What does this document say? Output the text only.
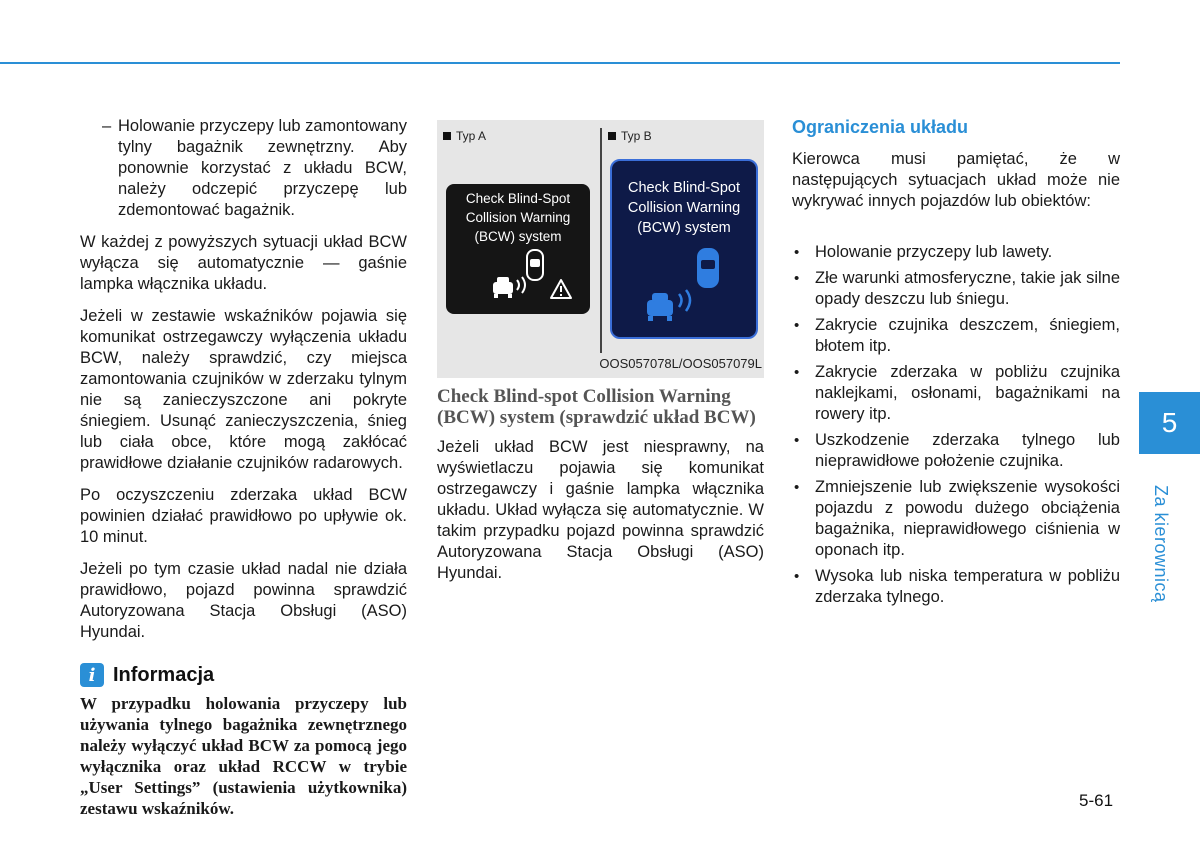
– Holowanie przyczepy lub zamontowany tylny bagażnik zewnętrzny. Aby ponownie korzystać z układu BCW, należy odczepić przyczepę lub zdemontować bagażnik.

W każdej z powyższych sytuacji układ BCW wyłącza się automatycznie — gaśnie lampka włącznika układu.

Jeżeli w zestawie wskaźników pojawia się komunikat ostrzegawczy wyłączenia układu BCW, należy sprawdzić, czy miejsca zamontowania czujników w zderzaku tylnym nie są zanieczyszczone ani pokryte śniegiem. Usunąć zanieczyszczenia, śnieg lub ciała obce, które mogą zakłócać prawidłowe działanie czujników radarowych.

Po oczyszczeniu zderzaka układ BCW powinien działać prawidłowo po upływie ok. 10 minut.

Jeżeli po tym czasie układ nadal nie działa prawidłowo, pojazd powinna sprawdzić Autoryzowana Stacja Obsługi (ASO) Hyundai.

i Informacja

W przypadku holowania przyczepy lub używania tylnego bagażnika zewnętrznego należy wyłączyć układ BCW za pomocą jego wyłącznika oraz układ RCCW w trybie „User Settings” (ustawienia użytkownika) zestawu wskaźników.

Check Blind-Spot
Collision Warning
(BCW) system
Check Blind-Spot
Collision Warning
(BCW) system
Typ A	Typ B
OOS057078L/OOS057079L
Check Blind-spot Collision Warning (BCW) system (sprawdzić układ BCW)

Jeżeli układ BCW jest niesprawny, na wyświetlaczu pojawia się komunikat ostrzegawczy i gaśnie lampka włącznika układu. Układ wyłącza się automatycznie. W takim przypadku pojazd powinna sprawdzić Autoryzowana Stacja Obsługi (ASO) Hyundai.

Ograniczenia układu

Kierowca musi pamiętać, że w następujących sytuacjach układ może nie wykrywać innych pojazdów lub obiektów:

• Holowanie przyczepy lub lawety.
• Złe warunki atmosferyczne, takie jak silne opady deszczu lub śniegu.
• Zakrycie czujnika deszczem, śniegiem, błotem itp.
• Zakrycie zderzaka w pobliżu czujnika naklejkami, osłonami, bagażnikami na rowery itp.
• Uszkodzenie zderzaka tylnego lub nieprawidłowe położenie czujnika.
• Zmniejszenie lub zwiększenie wysokości pojazdu z powodu dużego obciążenia bagażnika, nieprawidłowego ciśnienia w oponach itp.
• Wysoka lub niska temperatura w pobliżu zderzaka tylnego.
5
Za kierownicą
5-61
